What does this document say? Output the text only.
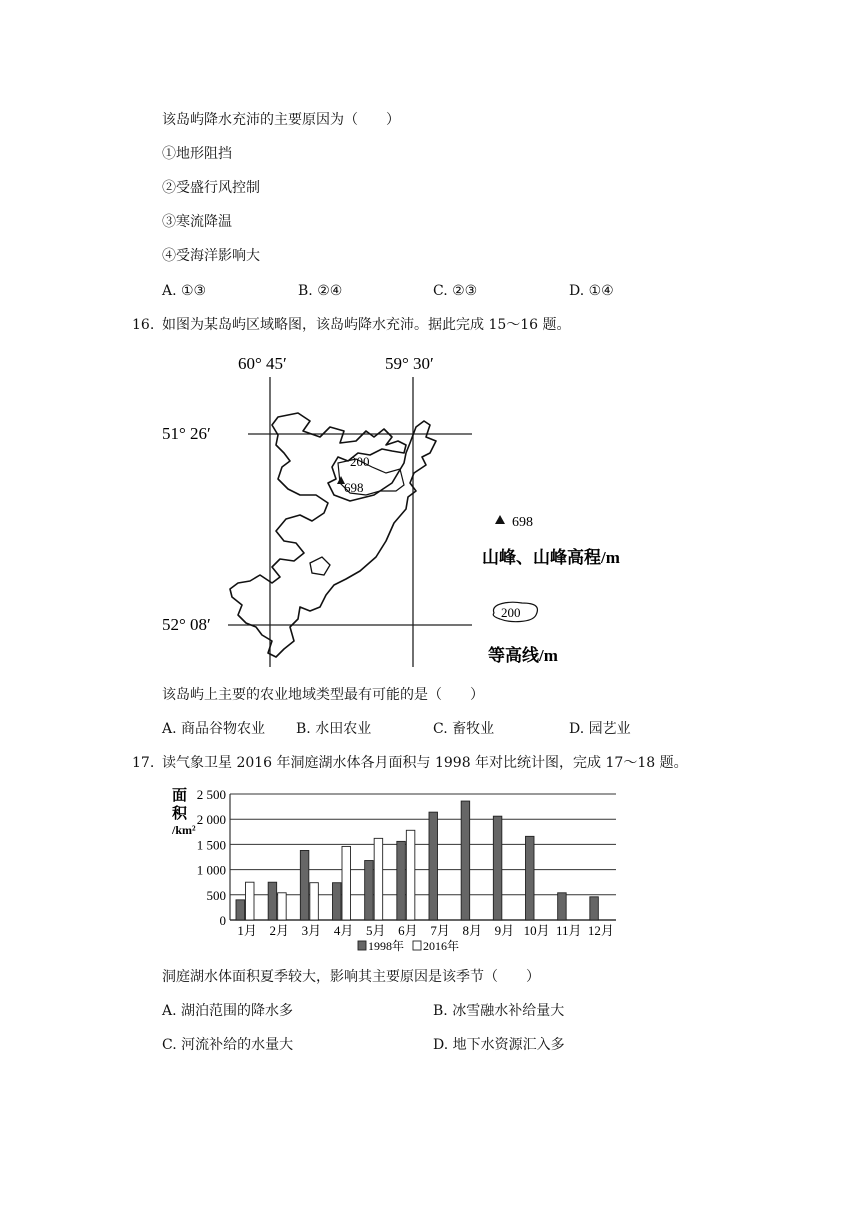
该岛屿降水充沛的主要原因为（　　）
①地形阻挡
②受盛行风控制
③寒流降温
④受海洋影响大
A. ①③	B. ②④	C. ②③	D. ①④
16. 如图为某岛屿区域略图，该岛屿降水充沛。据此完成 15～16 题。
60° 45′	59° 30′
51° 26′
52° 08′
200
698
698
山峰、山峰高程/m
200
等高线/m
该岛屿上主要的农业地域类型最有可能的是（　　）
A. 商品谷物农业 B. 水田农业	C. 畜牧业	D. 园艺业
17. 读气象卫星 2016 年洞庭湖水体各月面积与 1998 年对比统计图，完成 17～18 题。
面
积
/km²
0
500
1 000
1 500
2 000
2 500
1月 2月 3月 4月 5月 6月 7月 8月 9月 10月 11月 12月
1998年 2016年
洞庭湖水体面积夏季较大，影响其主要原因是该季节（　　）
A. 湖泊范围的降水多	B. 冰雪融水补给量大
C. 河流补给的水量大	D. 地下水资源汇入多
